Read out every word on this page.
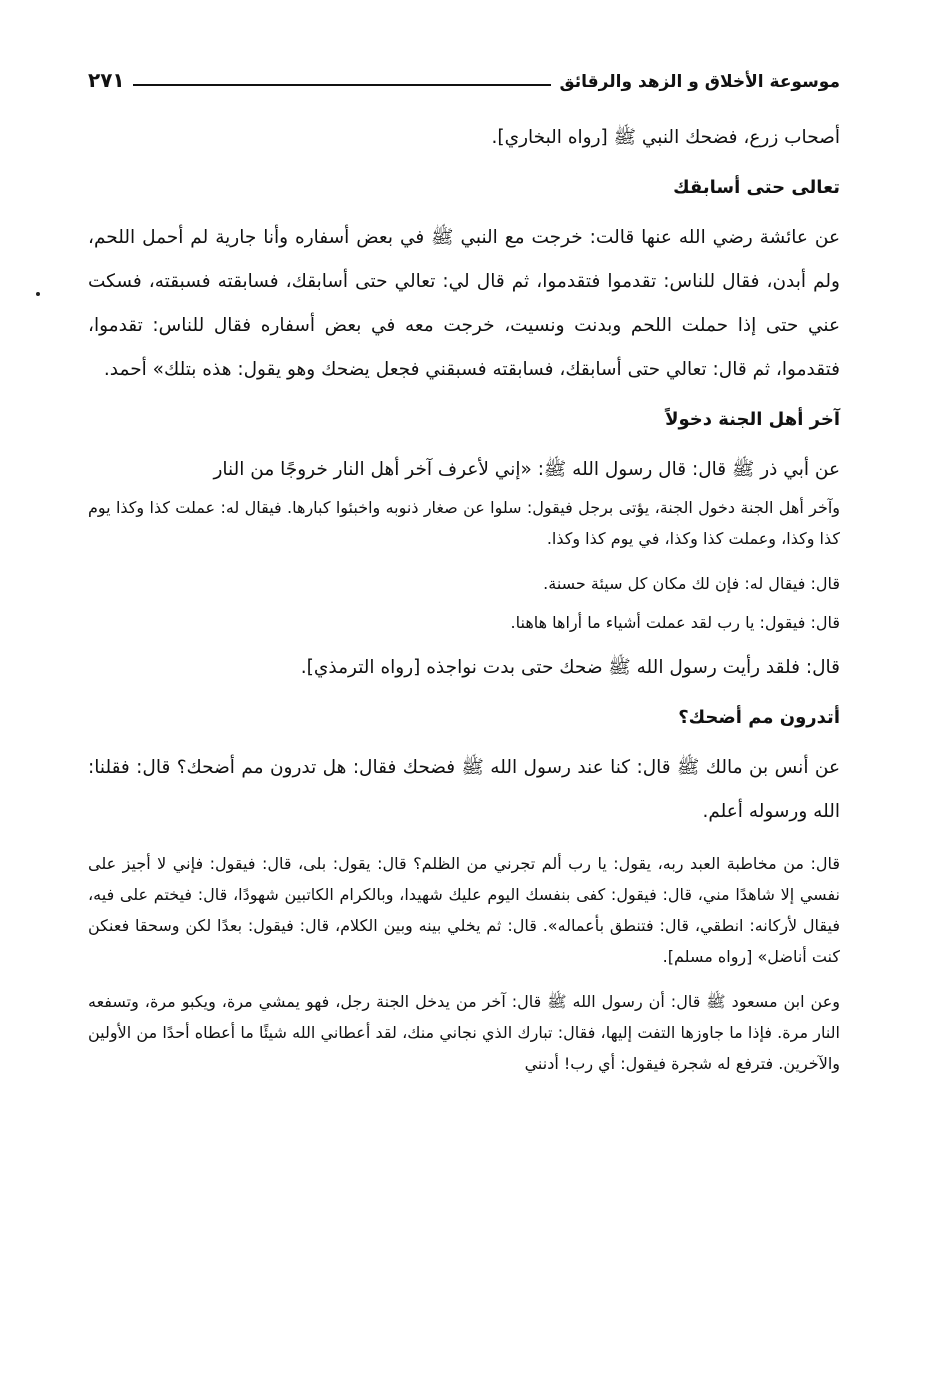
موسوعة الأخلاق و الزهد والرقائق
٢٧١

أصحاب زرع، فضحك النبي ﷺ [رواه البخاري].

تعالى حتى أسابقك

عن عائشة رضي الله عنها قالت: خرجت مع النبي ﷺ في بعض أسفاره وأنا جارية لم أحمل اللحم، ولم أبدن، فقال للناس: تقدموا فتقدموا، ثم قال لي: تعالي حتى أسابقك، فسابقته فسبقته، فسكت عني حتى إذا حملت اللحم وبدنت ونسيت، خرجت معه في بعض أسفاره فقال للناس: تقدموا، فتقدموا، ثم قال: تعالي حتى أسابقك، فسابقته فسبقني فجعل يضحك وهو يقول: هذه بتلك» أحمد.

آخر أهل الجنة دخولاً

عن أبي ذر ﷺ قال: قال رسول الله ﷺ: «إني لأعرف آخر أهل النار خروجًا من النار

وآخر أهل الجنة دخول الجنة، يؤتى برجل فيقول: سلوا عن صغار ذنوبه واخبئوا كبارها. فيقال له: عملت كذا وكذا يوم كذا وكذا، وعملت كذا وكذا، في يوم كذا وكذا.

قال: فيقال له: فإن لك مكان كل سيئة حسنة.

قال: فيقول: يا رب لقد عملت أشياء ما أراها هاهنا.

قال: فلقد رأيت رسول الله ﷺ ضحك حتى بدت نواجذه [رواه الترمذي].

أتدرون مم أضحك؟

عن أنس بن مالك ﷺ قال: كنا عند رسول الله ﷺ فضحك فقال: هل تدرون مم أضحك؟ قال: فقلنا: الله ورسوله أعلم.

قال: من مخاطبة العبد ربه، يقول: يا رب ألم تجرني من الظلم؟ قال: يقول: بلى، قال: فيقول: فإني لا أجيز على نفسي إلا شاهدًا مني، قال: فيقول: كفى بنفسك اليوم عليك شهيدا، وبالكرام الكاتبين شهودًا، قال: فيختم على فيه، فيقال لأركانه: انطقي، قال: فتنطق بأعماله». قال: ثم يخلي بينه وبين الكلام، قال: فيقول: بعدًا لكن وسحقا فعنكن كنت أناضل» [رواه مسلم].

وعن ابن مسعود ﷺ قال: أن رسول الله ﷺ قال: آخر من يدخل الجنة رجل، فهو يمشي مرة، ويكبو مرة، وتسفعه النار مرة. فإذا ما جاوزها التفت إليها، فقال: تبارك الذي نجاني منك، لقد أعطاني الله شيئًا ما أعطاه أحدًا من الأولين والآخرين. فترفع له شجرة فيقول: أي رب! أدنني
